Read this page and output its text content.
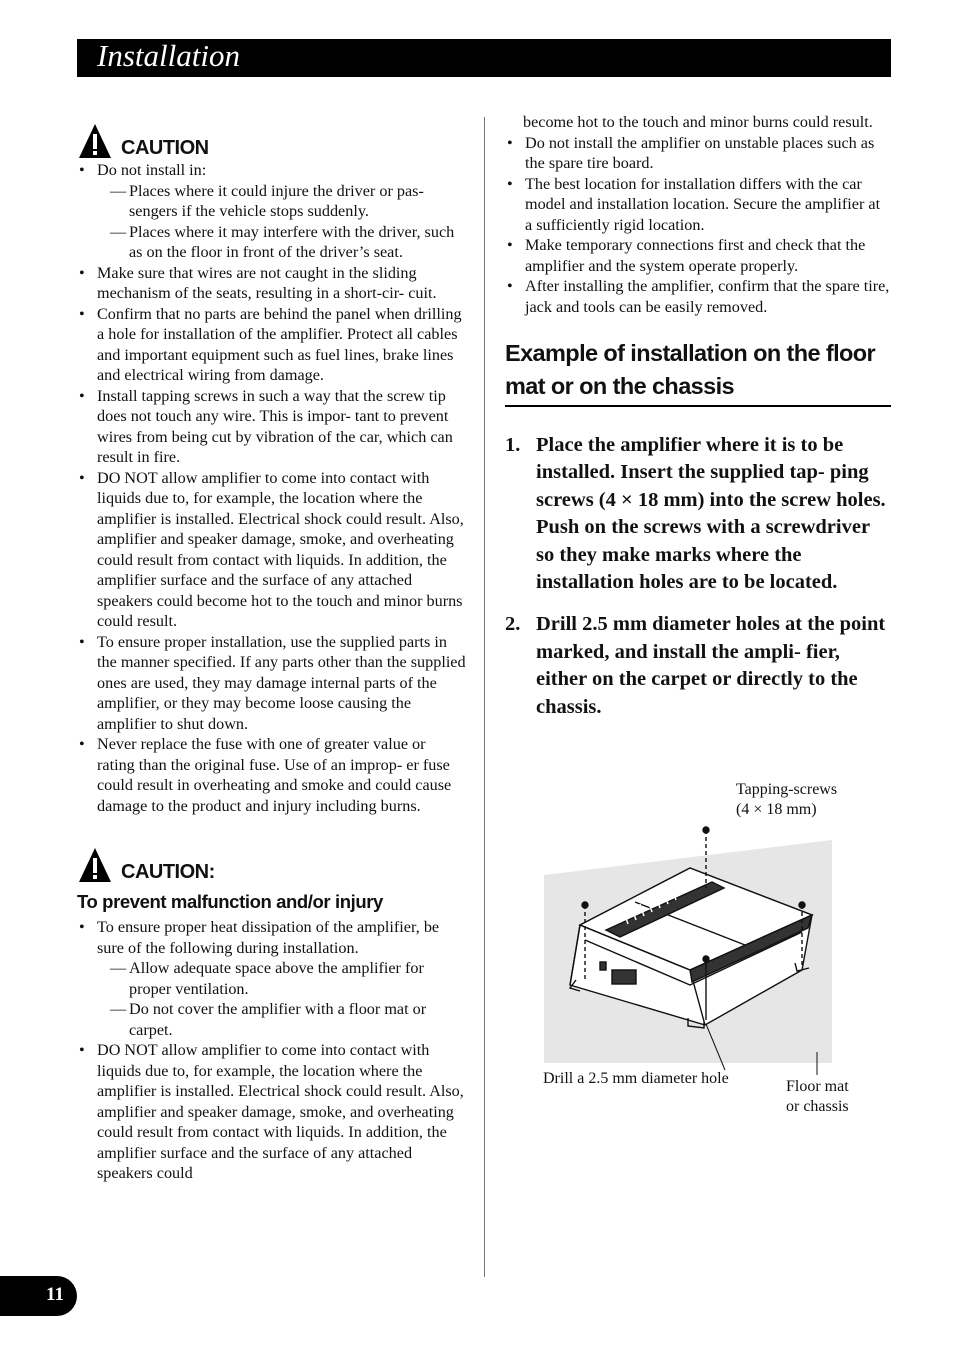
Installation
CAUTION
• Do not install in:
— Places where it could injure the driver or pas- sengers if the vehicle stops suddenly.
— Places where it may interfere with the driver, such as on the floor in front of the driver’s seat.
• Make sure that wires are not caught in the sliding mechanism of the seats, resulting in a short-cir- cuit.
• Confirm that no parts are behind the panel when drilling a hole for installation of the amplifier. Protect all cables and important equipment such as fuel lines, brake lines and electrical wiring from damage.
• Install tapping screws in such a way that the screw tip does not touch any wire. This is impor- tant to prevent wires from being cut by vibration of the car, which can result in fire.
• DO NOT allow amplifier to come into contact with liquids due to, for example, the location where the amplifier is installed. Electrical shock could result. Also, amplifier and speaker damage, smoke, and overheating could result from contact with liquids. In addition, the amplifier surface and the surface of any attached speakers could become hot to the touch and minor burns could result.
• To ensure proper installation, use the supplied parts in the manner specified. If any parts other than the supplied ones are used, they may damage internal parts of the amplifier, or they may become loose causing the amplifier to shut down.
• Never replace the fuse with one of greater value or rating than the original fuse. Use of an improp- er fuse could result in overheating and smoke and could cause damage to the product and injury including burns.
CAUTION:
To prevent malfunction and/or injury
• To ensure proper heat dissipation of the amplifier, be sure of the following during installation.
— Allow adequate space above the amplifier for proper ventilation.
— Do not cover the amplifier with a floor mat or carpet.
• DO NOT allow amplifier to come into contact with liquids due to, for example, the location where the amplifier is installed. Electrical shock could result. Also, amplifier and speaker damage, smoke, and overheating could result from contact with liquids. In addition, the amplifier surface and the surface of any attached speakers could
become hot to the touch and minor burns could result.
• Do not install the amplifier on unstable places such as the spare tire board.
• The best location for installation differs with the car model and installation location. Secure the amplifier at a sufficiently rigid location.
• Make temporary connections first and check that the amplifier and the system operate properly.
• After installing the amplifier, confirm that the spare tire, jack and tools can be easily removed.
Example of installation on the floor mat or on the chassis
1. Place the amplifier where it is to be installed. Insert the supplied tap- ping screws (4 × 18 mm) into the screw holes. Push on the screws with a screwdriver so they make marks where the installation holes are to be located.
2. Drill 2.5 mm diameter holes at the point marked, and install the ampli- fier, either on the carpet or directly to the chassis.
Tapping-screws
(4 × 18 mm)
Drill a 2.5 mm diameter hole	Floor mat
or chassis
11
